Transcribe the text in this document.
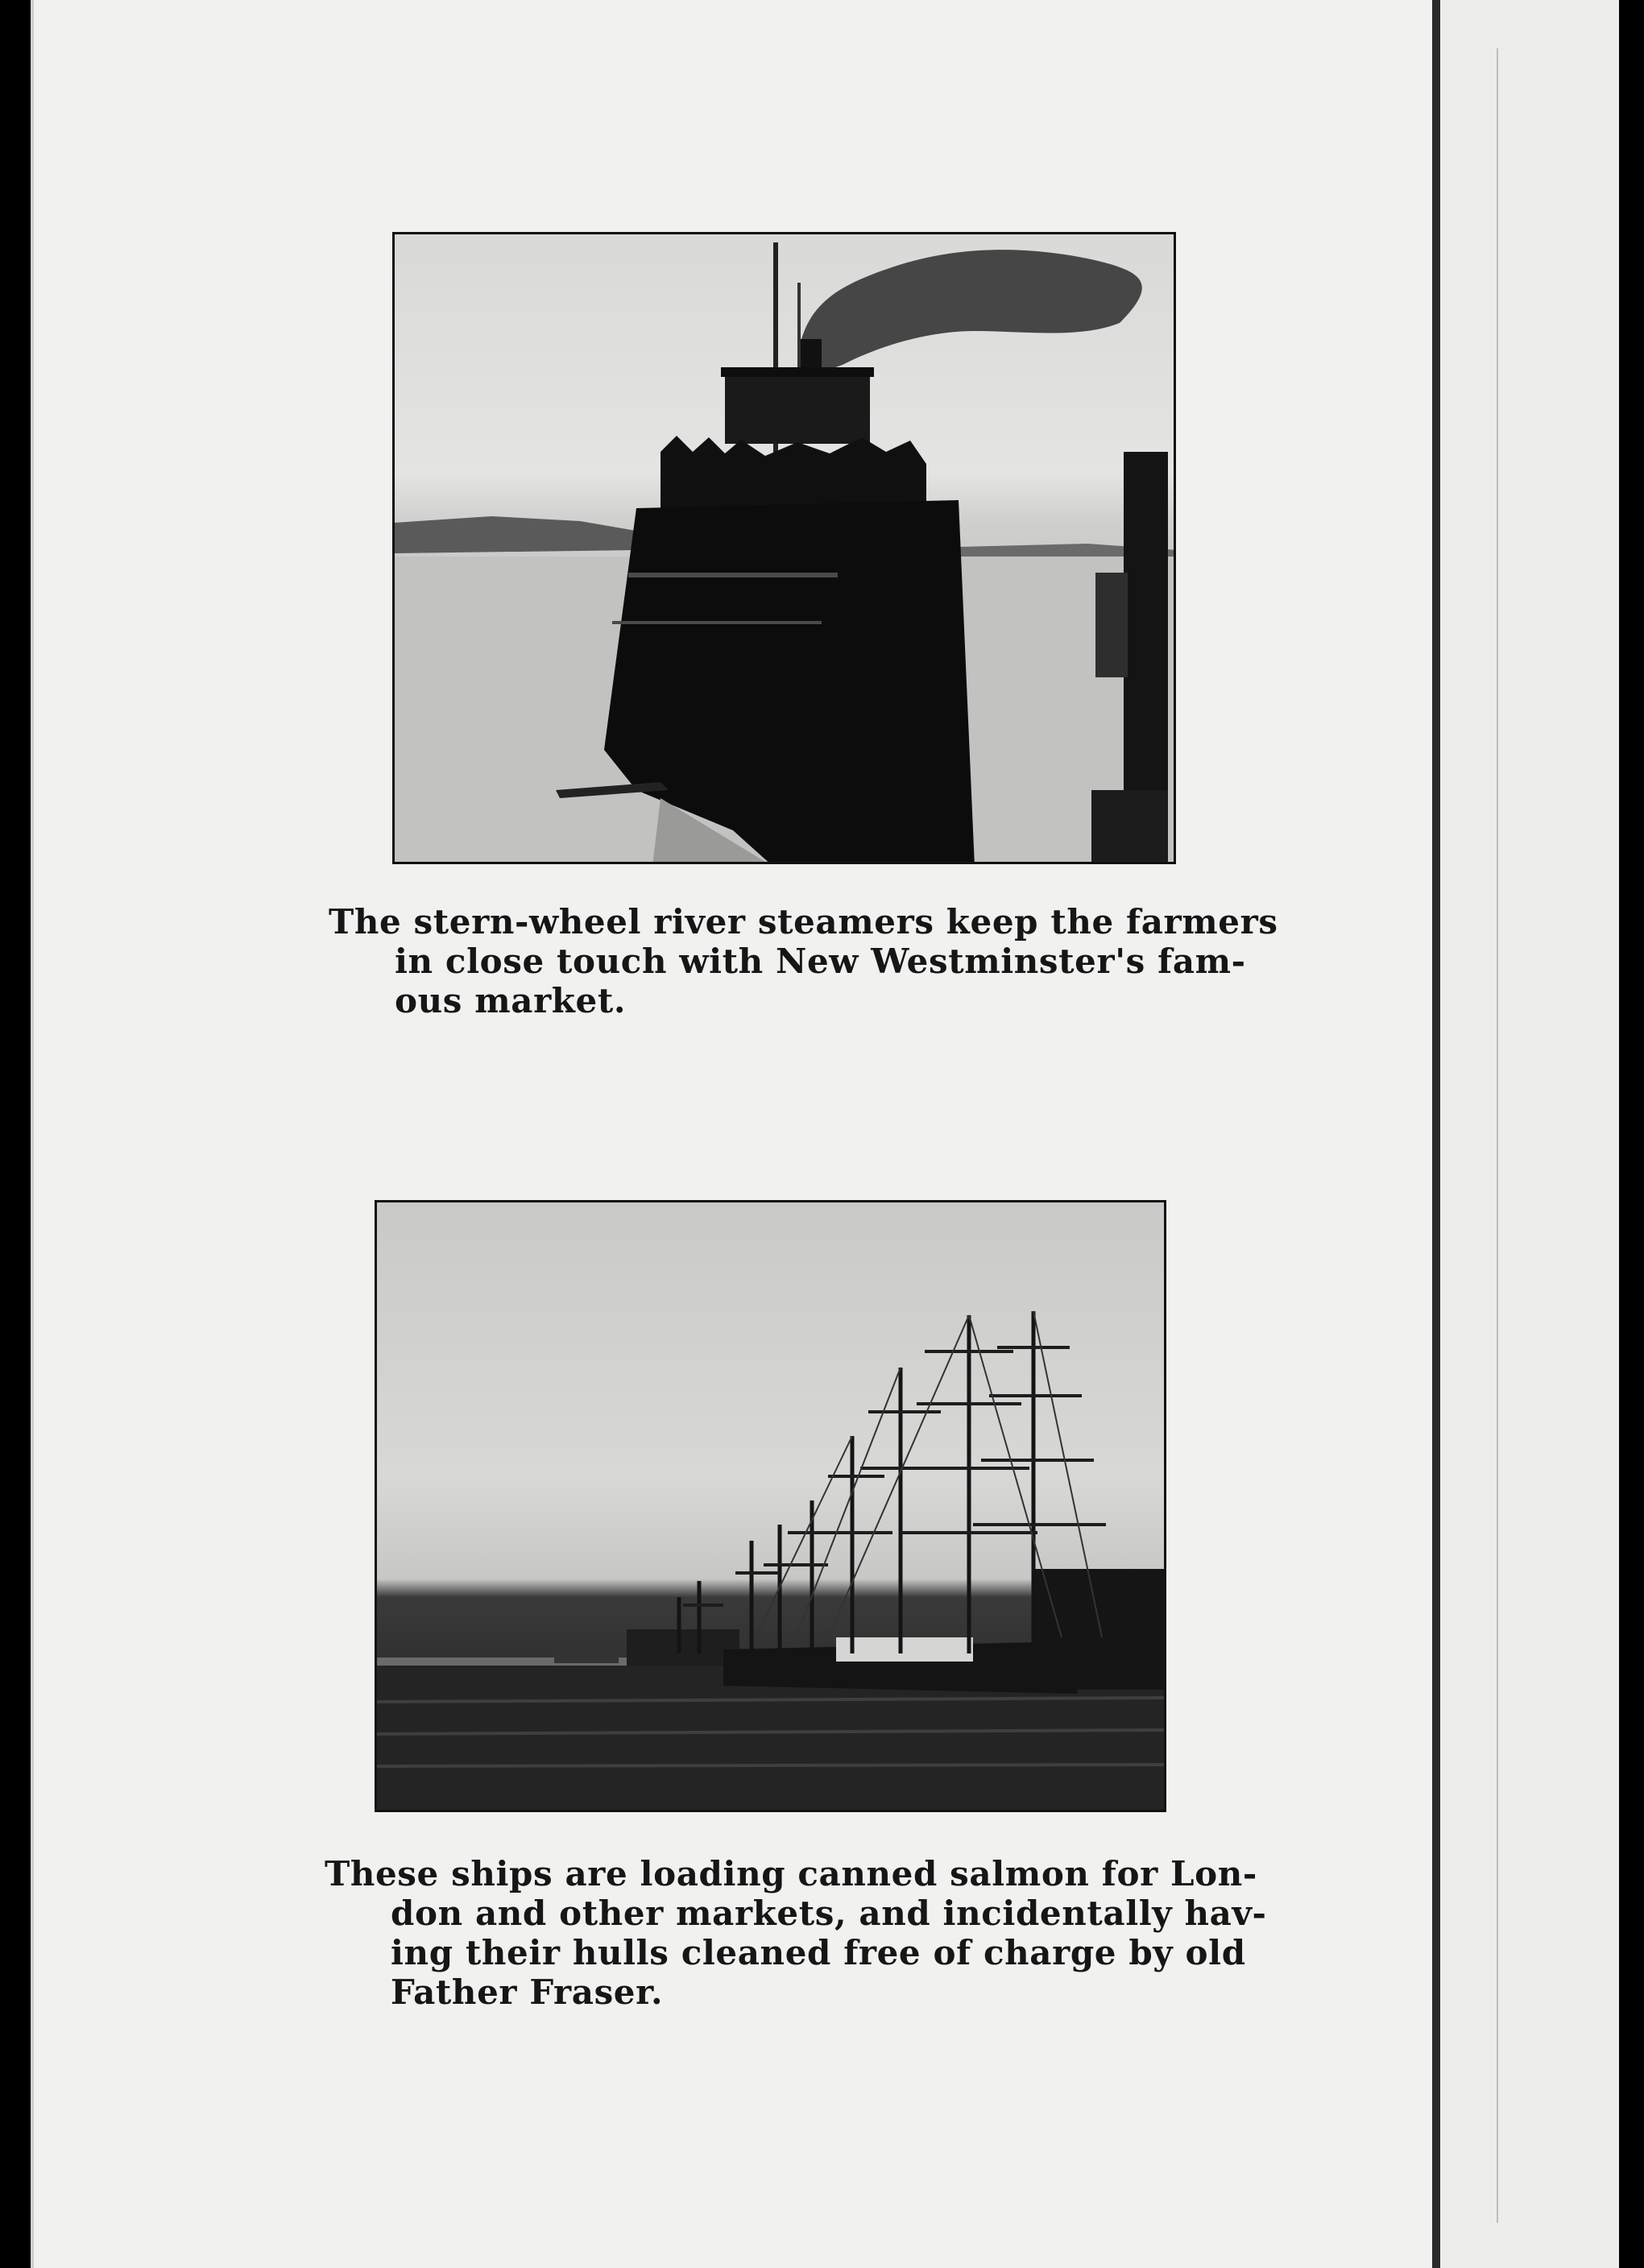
The stern-wheel river steamers keep the farmers
in close touch with New Westminster's fam-
ous market.
These ships are loading canned salmon for Lon-
don and other markets, and incidentally hav-
ing their hulls cleaned free of charge by old
Father Fraser.
